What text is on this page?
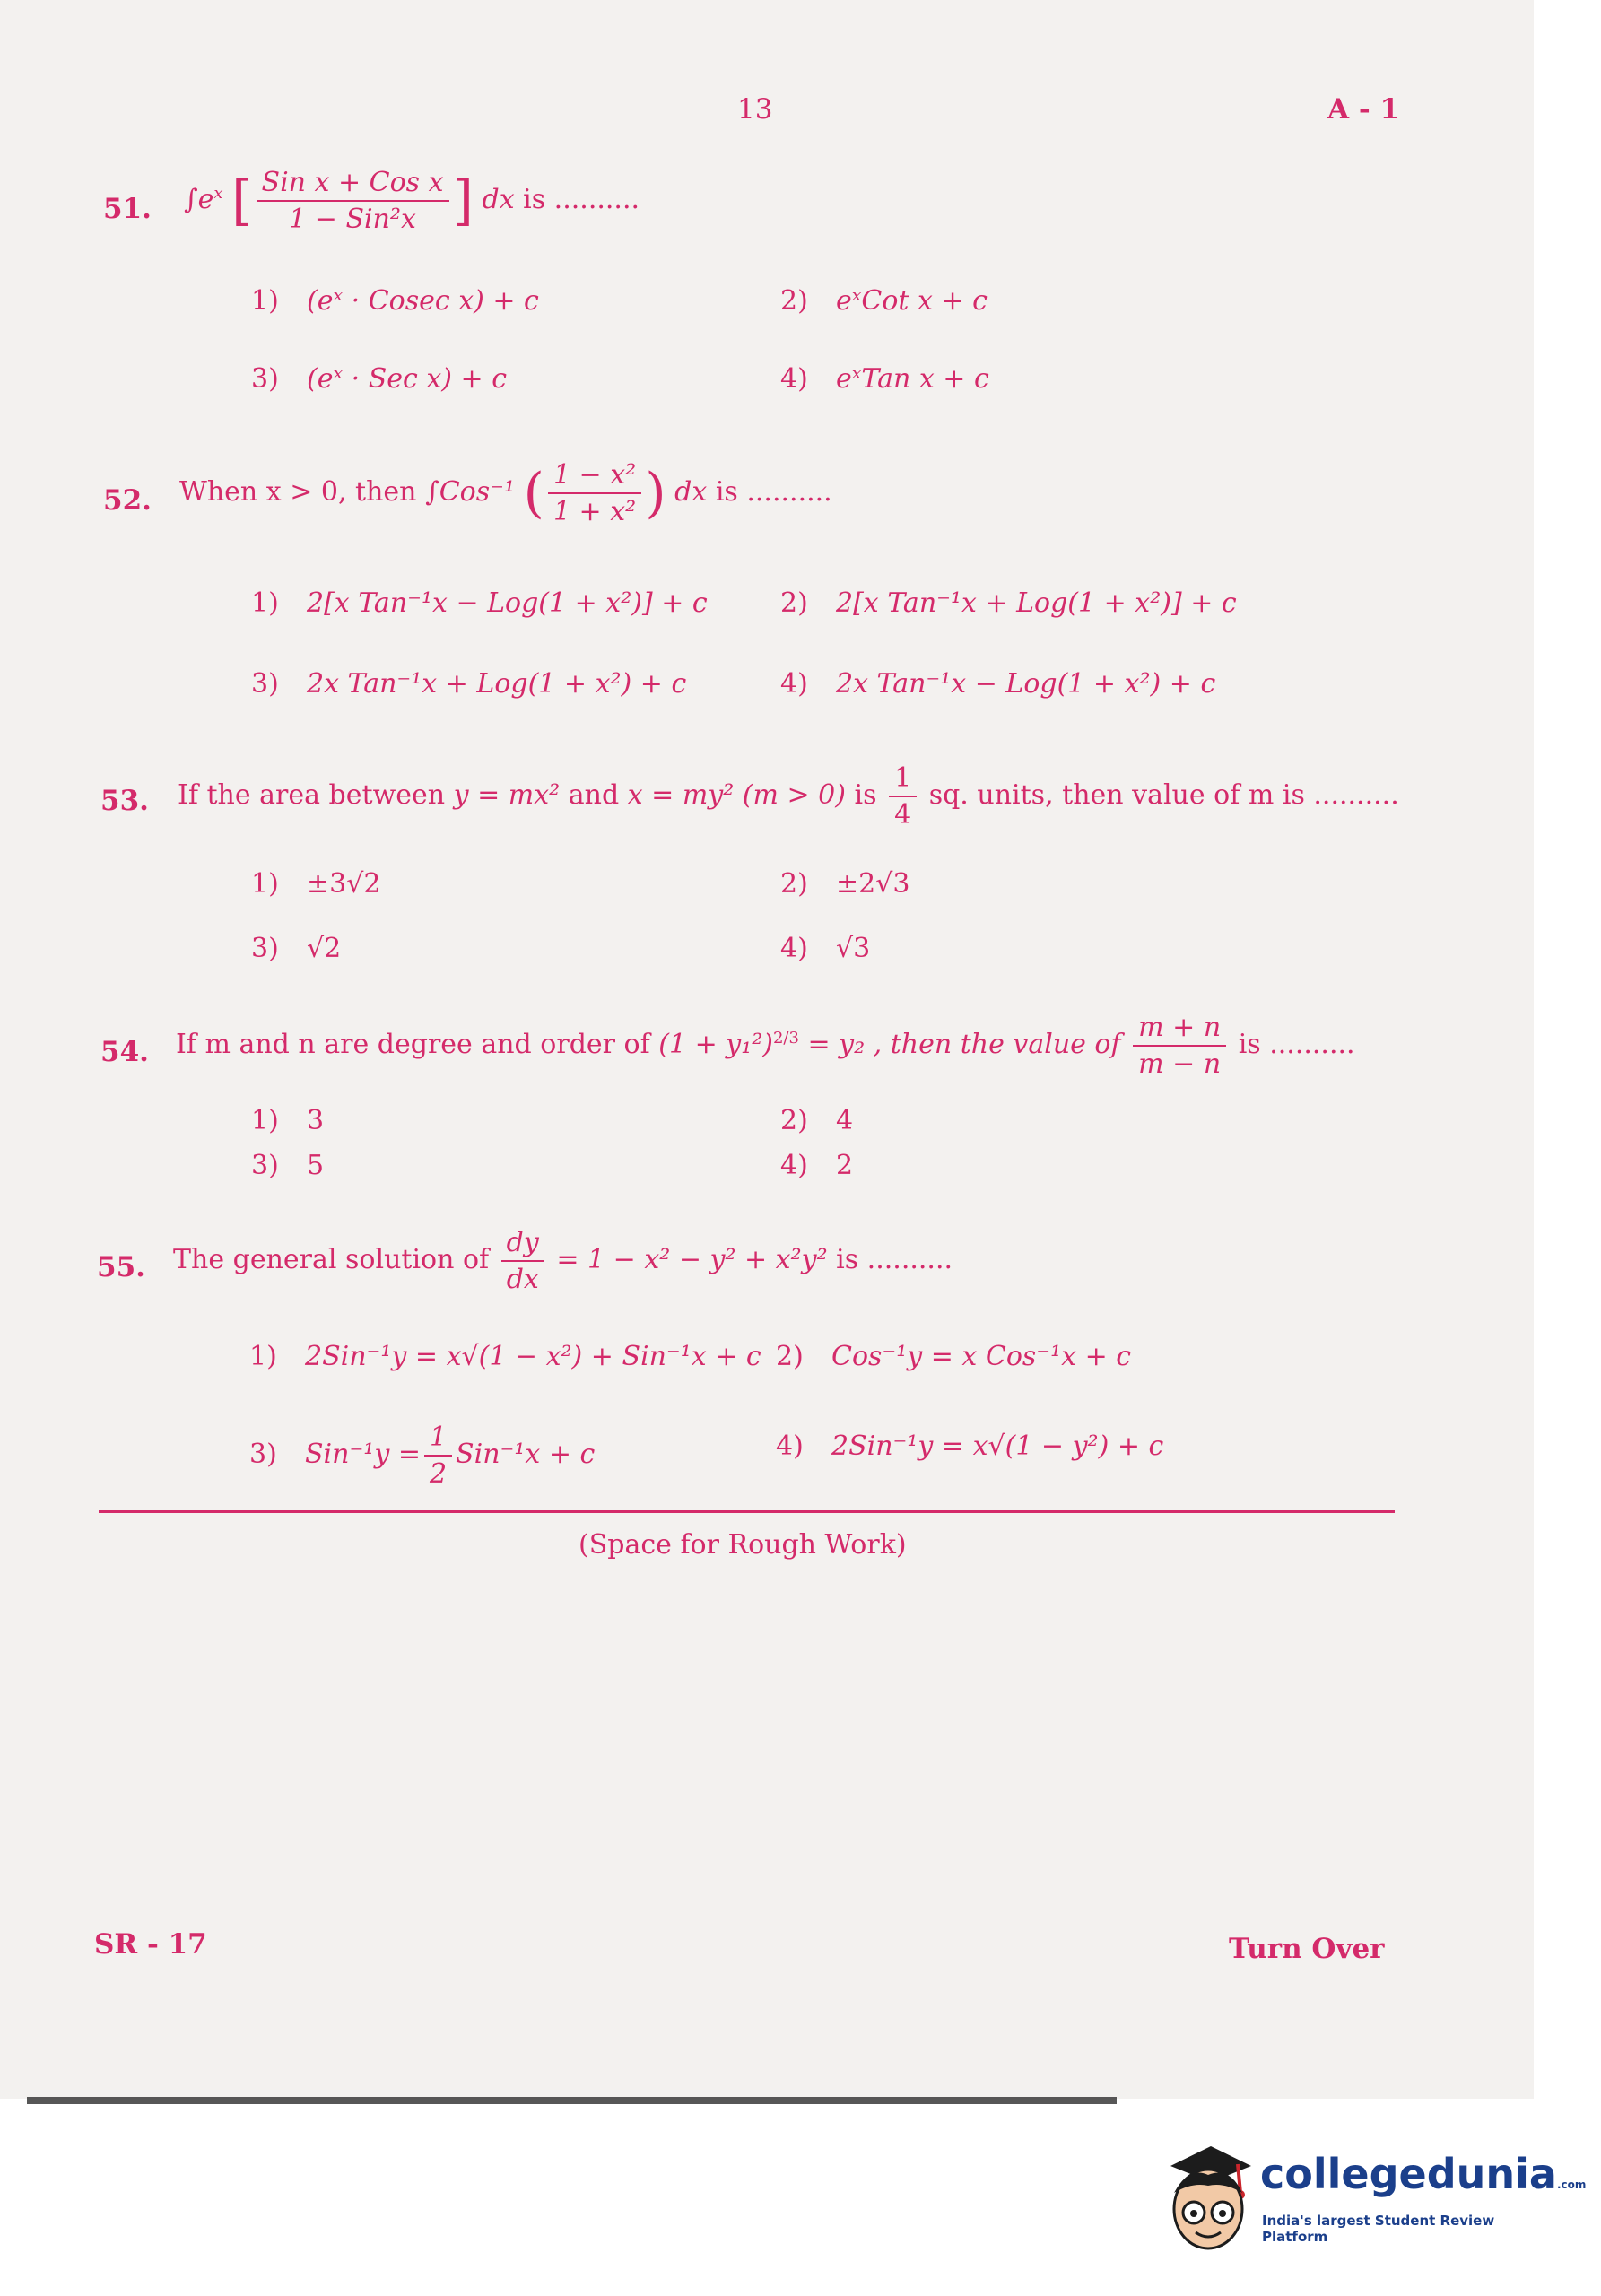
13	A - 1
51. $\int e^x$ [ $\frac{\text{Sin x + Cos x}}{\text{1 − Sin²x}}$ ] dx is ..........
1) (eˣ · Cosec x) + c	2) eˣCot x + c
3) (eˣ · Sec x) + c	4) eˣTan x + c
52. When x > 0, then ∫Cos⁻¹ ( $\frac{\text{1 − x²}}{\text{1 + x²}}$ ) dx is ..........
1) 2[x Tan⁻¹x − Log(1 + x²)] + c	2) 2[x Tan⁻¹x + Log(1 + x²)] + c
3) 2x Tan⁻¹x + Log(1 + x²) + c	4) 2x Tan⁻¹x − Log(1 + x²) + c
53. If the area between y = mx² and x = my² (m > 0) is $\frac{1}{4}$ sq. units, then value of m is ..........
1) ±3√2	2) ±2√3
3) √2	4) √3
54. If m and n are degree and order of $(1 + y_1^2)^{2/3} = y_2$ , then the value of $\frac{m + n}{m - n}$ is ..........
1) 3	2) 4
3) 5	4) 2
55. The general solution of $\frac{dy}{dx} = 1 - x^2 - y^2 + x^2y^2$ is ..........
1) 2Sin⁻¹y = x√(1 − x²) + Sin⁻¹x + c 2) Cos⁻¹y = x Cos⁻¹x + c
3) $Sin^{-1}y = \frac{1}{2} Sin^{-1}x + c$	4) 2Sin⁻¹y = x√(1 − y²) + c
(Space for Rough Work)
SR - 17	Turn Over
collegedunia.com
India's largest Student Review Platform
